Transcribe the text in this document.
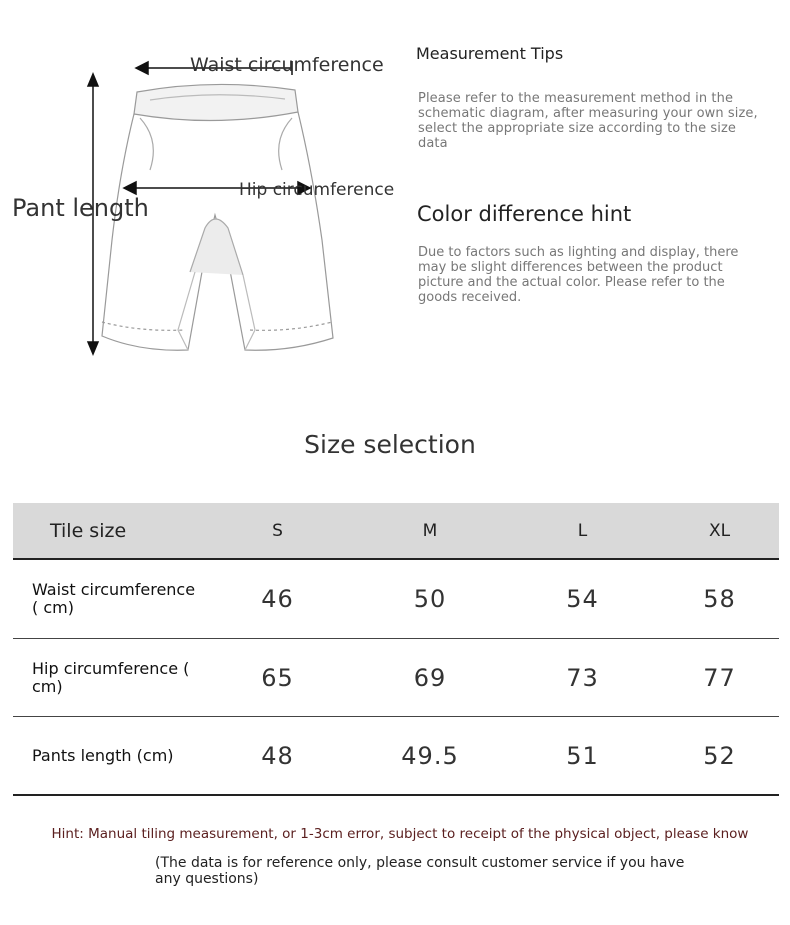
Waist circumference
Hip circumference
Pant length
Measurement Tips
Please refer to the measurement method in the schematic diagram, after measuring your own size, select the appropriate size according to the size data
Color difference hint
Due to factors such as lighting and display, there may be slight differences between the product picture and the actual color. Please refer to the goods received.
Size selection
Tile size	S	M	L	XL
Waist circumference ( cm)	46	50	54	58
Hip circumference ( cm)	65	69	73	77
Pants length (cm)	48	49.5	51	52
Hint: Manual tiling measurement, or 1-3cm error, subject to receipt of the physical object, please know
(The data is for reference only, please consult customer service if you have any questions)
